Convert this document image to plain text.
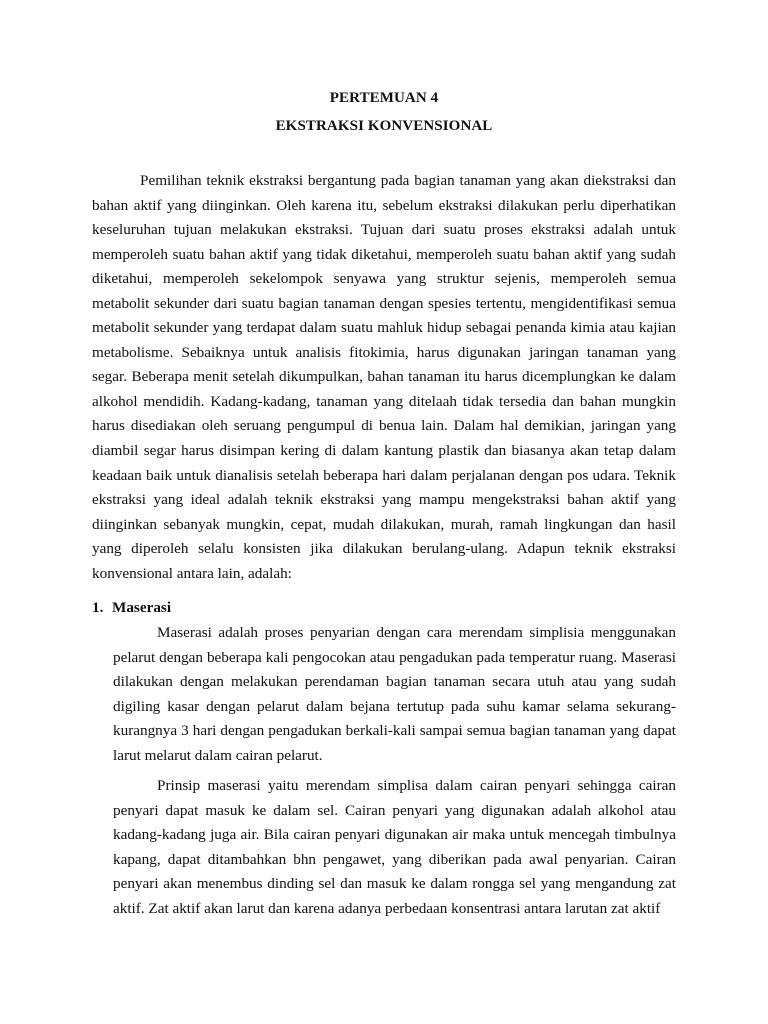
PERTEMUAN 4
EKSTRAKSI KONVENSIONAL

Pemilihan teknik ekstraksi bergantung pada bagian tanaman yang akan diekstraksi dan bahan aktif yang diinginkan. Oleh karena itu, sebelum ekstraksi dilakukan perlu diperhatikan keseluruhan tujuan melakukan ekstraksi. Tujuan dari suatu proses ekstraksi adalah untuk memperoleh suatu bahan aktif yang tidak diketahui, memperoleh suatu bahan aktif yang sudah diketahui, memperoleh sekelompok senyawa yang struktur sejenis, memperoleh semua metabolit sekunder dari suatu bagian tanaman dengan spesies tertentu, mengidentifikasi semua metabolit sekunder yang terdapat dalam suatu mahluk hidup sebagai penanda kimia atau kajian metabolisme. Sebaiknya untuk analisis fitokimia, harus digunakan jaringan tanaman yang segar. Beberapa menit setelah dikumpulkan, bahan tanaman itu harus dicemplungkan ke dalam alkohol mendidih. Kadang-kadang, tanaman yang ditelaah tidak tersedia dan bahan mungkin harus disediakan oleh seruang pengumpul di benua lain. Dalam hal demikian, jaringan yang diambil segar harus disimpan kering di dalam kantung plastik dan biasanya akan tetap dalam keadaan baik untuk dianalisis setelah beberapa hari dalam perjalanan dengan pos udara. Teknik ekstraksi yang ideal adalah teknik ekstraksi yang mampu mengekstraksi bahan aktif yang diinginkan sebanyak mungkin, cepat, mudah dilakukan, murah, ramah lingkungan dan hasil yang diperoleh selalu konsisten jika dilakukan berulang-ulang. Adapun teknik ekstraksi konvensional antara lain, adalah:

1. Maserasi

Maserasi adalah proses penyarian dengan cara merendam simplisia menggunakan pelarut dengan beberapa kali pengocokan atau pengadukan pada temperatur ruang. Maserasi dilakukan dengan melakukan perendaman bagian tanaman secara utuh atau yang sudah digiling kasar dengan pelarut dalam bejana tertutup pada suhu kamar selama sekurang-kurangnya 3 hari dengan pengadukan berkali-kali sampai semua bagian tanaman yang dapat larut melarut dalam cairan pelarut.

Prinsip maserasi yaitu merendam simplisa dalam cairan penyari sehingga cairan penyari dapat masuk ke dalam sel. Cairan penyari yang digunakan adalah alkohol atau kadang-kadang juga air. Bila cairan penyari digunakan air maka untuk mencegah timbulnya kapang, dapat ditambahkan bhn pengawet, yang diberikan pada awal penyarian. Cairan penyari akan menembus dinding sel dan masuk ke dalam rongga sel yang mengandung zat aktif. Zat aktif akan larut dan karena adanya perbedaan konsentrasi antara larutan zat aktif
